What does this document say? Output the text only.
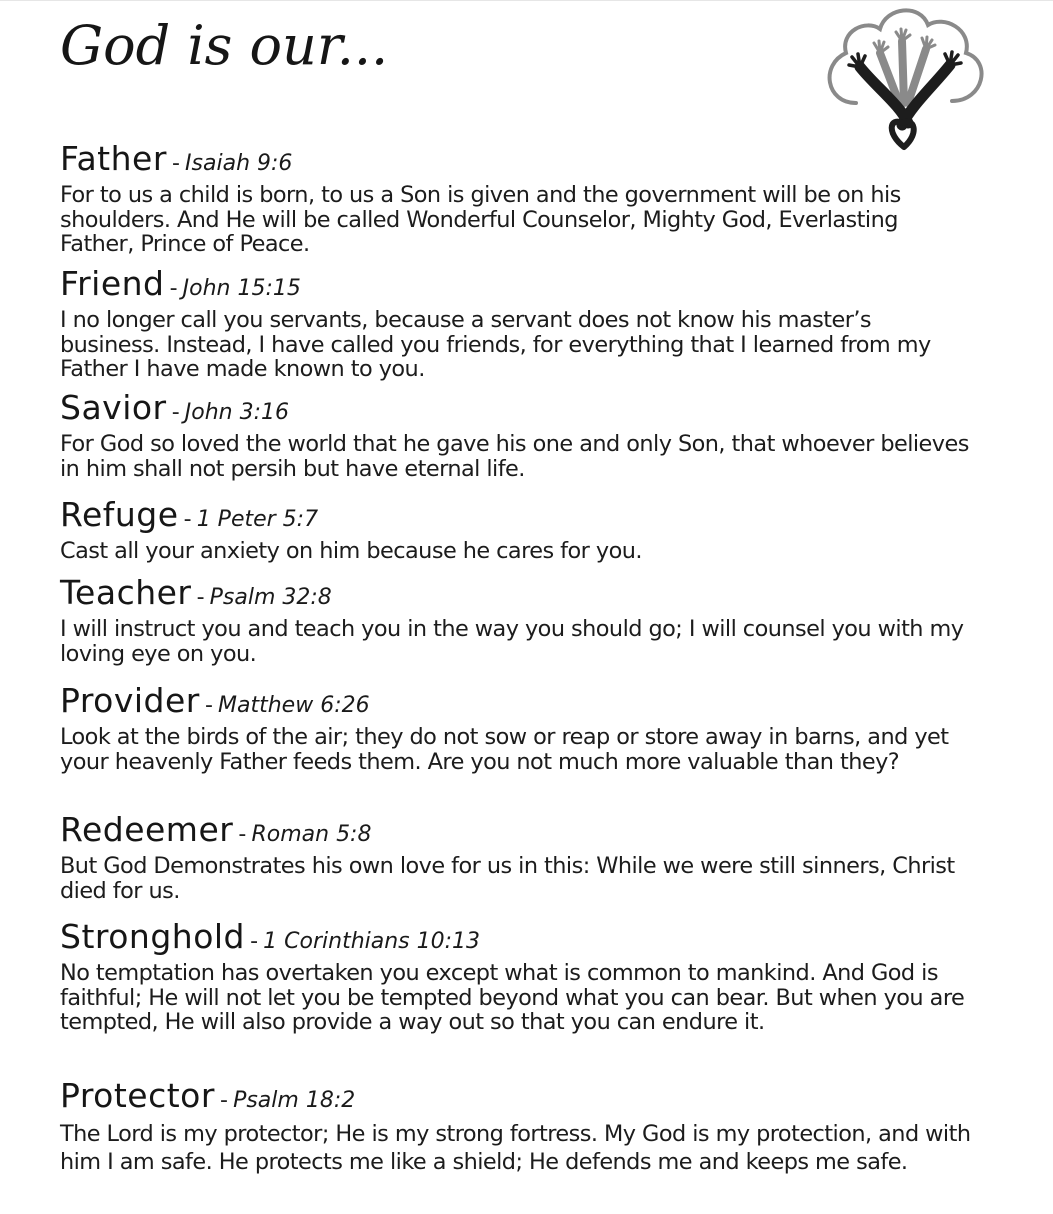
God is our...

Father - Isaiah 9:6

For to us a child is born, to us a Son is given and the government will be on his shoulders. And He will be called Wonderful Counselor, Mighty God, Everlasting Father, Prince of Peace.

Friend - John 15:15

I no longer call you servants, because a servant does not know his master’s business. Instead, I have called you friends, for everything that I learned from my Father I have made known to you.

Savior - John 3:16

For God so loved the world that he gave his one and only Son, that whoever believes in him shall not persih but have eternal life.

Refuge - 1 Peter 5:7

Cast all your anxiety on him because he cares for you.

Teacher - Psalm 32:8

I will instruct you and teach you in the way you should go; I will counsel you with my loving eye on you.

Provider - Matthew 6:26

Look at the birds of the air; they do not sow or reap or store away in barns, and yet your heavenly Father feeds them. Are you not much more valuable than they?

Redeemer - Roman 5:8

But God Demonstrates his own love for us in this: While we were still sinners, Christ died for us.

Stronghold - 1 Corinthians 10:13

No temptation has overtaken you except what is common to mankind. And God is faithful; He will not let you be tempted beyond what you can bear. But when you are tempted, He will also provide a way out so that you can endure it.

Protector - Psalm 18:2

The Lord is my protector; He is my strong fortress. My God is my protection, and with him I am safe. He protects me like a shield; He defends me and keeps me safe.
